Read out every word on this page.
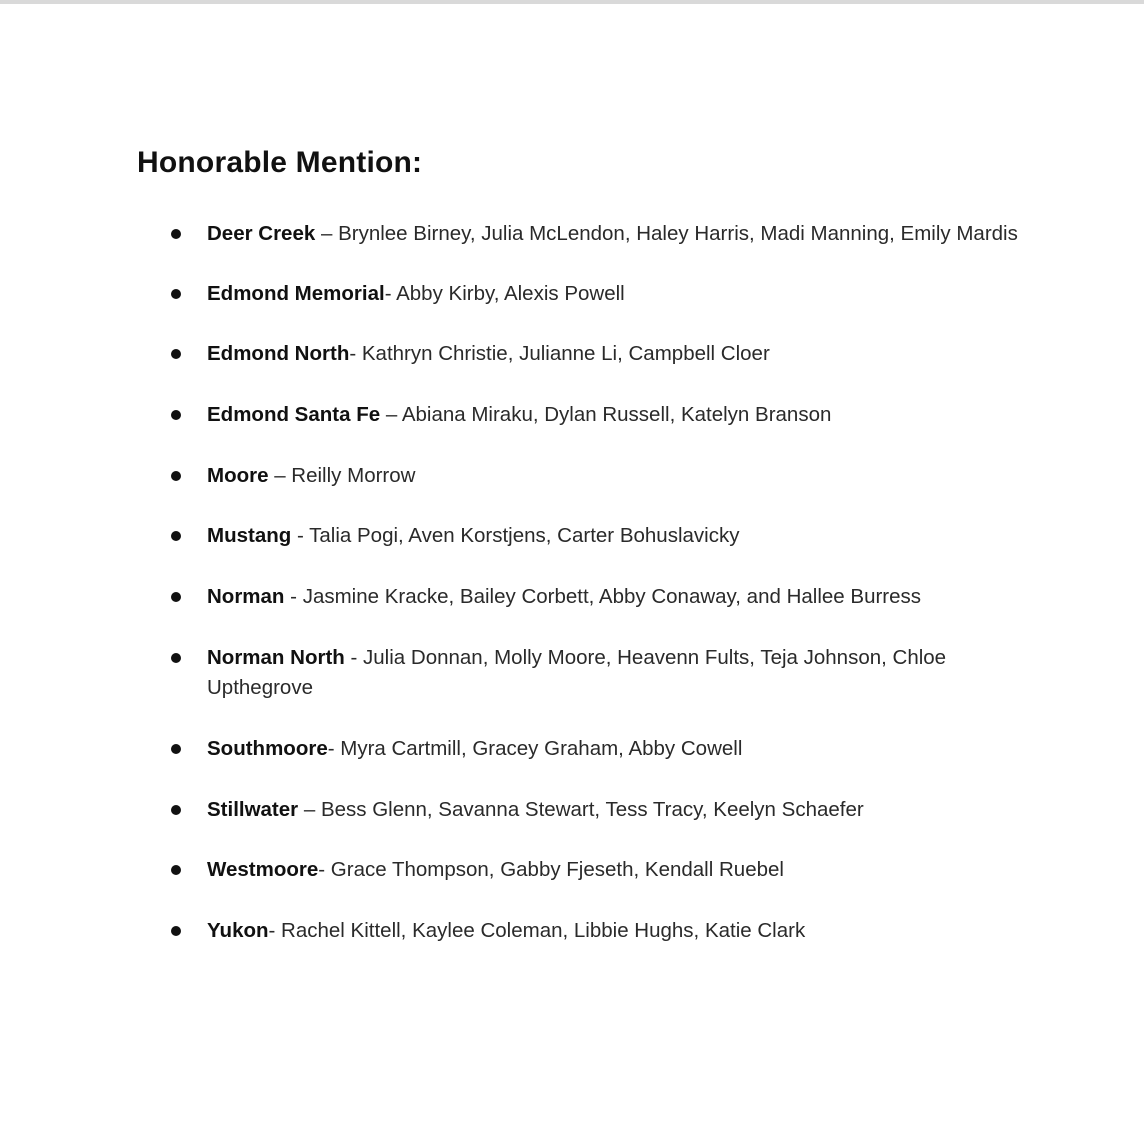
Honorable Mention:
Deer Creek – Brynlee Birney, Julia McLendon, Haley Harris, Madi Manning, Emily Mardis
Edmond Memorial- Abby Kirby, Alexis Powell
Edmond North- Kathryn Christie, Julianne Li, Campbell Cloer
Edmond Santa Fe – Abiana Miraku, Dylan Russell, Katelyn Branson
Moore – Reilly Morrow
Mustang - Talia Pogi, Aven Korstjens, Carter Bohuslavicky
Norman - Jasmine Kracke, Bailey Corbett, Abby Conaway, and Hallee Burress
Norman North - Julia Donnan, Molly Moore, Heavenn Fults, Teja Johnson, Chloe Upthegrove
Southmoore- Myra Cartmill, Gracey Graham, Abby Cowell
Stillwater – Bess Glenn, Savanna Stewart, Tess Tracy, Keelyn Schaefer
Westmoore- Grace Thompson, Gabby Fjeseth, Kendall Ruebel
Yukon- Rachel Kittell, Kaylee Coleman, Libbie Hughs, Katie Clark
